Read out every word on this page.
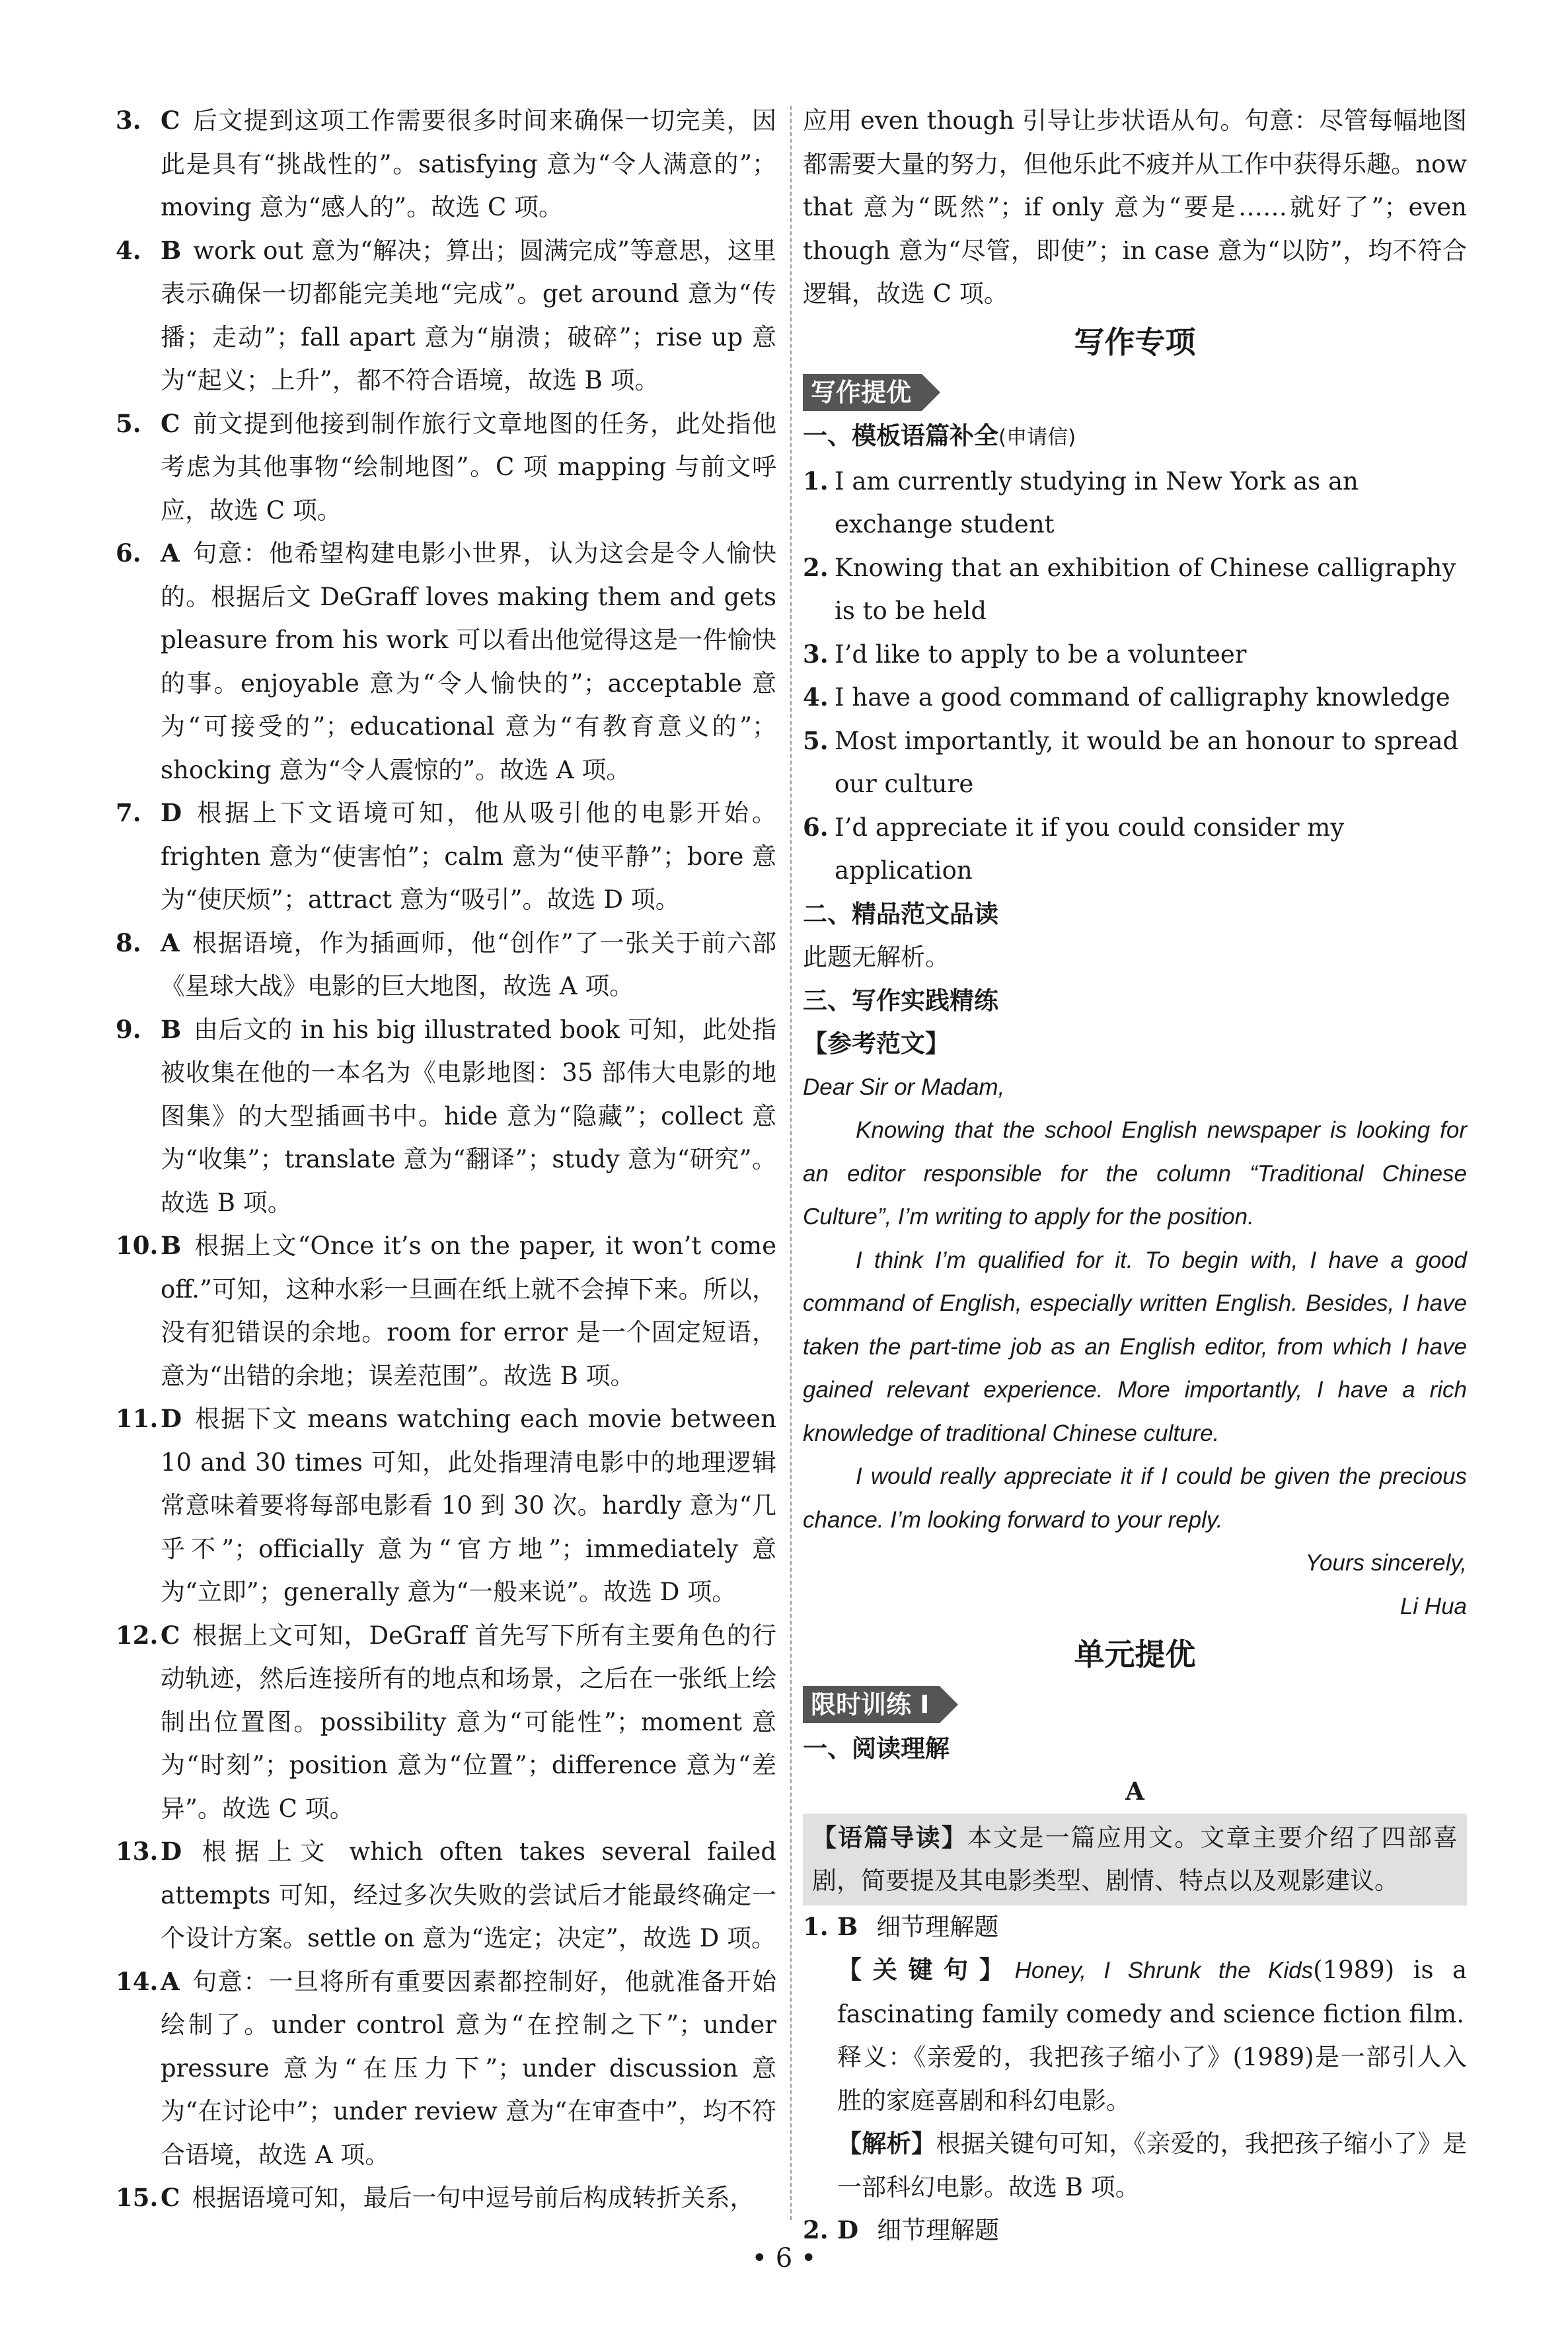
3. C 后文提到这项工作需要很多时间来确保一切完美，因此是具有“挑战性的”。satisfying 意为“令人满意的”；moving 意为“感人的”。故选 C 项。
4. B work out 意为“解决；算出；圆满完成”等意思，这里表示确保一切都能完美地“完成”。get around 意为“传播；走动”；fall apart 意为“崩溃；破碎”；rise up 意为“起义；上升”，都不符合语境，故选 B 项。
5. C 前文提到他接到制作旅行文章地图的任务，此处指他考虑为其他事物“绘制地图”。C 项 mapping 与前文呼应，故选 C 项。
6. A 句意：他希望构建电影小世界，认为这会是令人愉快的。根据后文 DeGraff loves making them and gets pleasure from his work 可以看出他觉得这是一件愉快的事。enjoyable 意为“令人愉快的”；acceptable 意为“可接受的”；educational 意为“有教育意义的”；shocking 意为“令人震惊的”。故选 A 项。
7. D 根据上下文语境可知，他从吸引他的电影开始。frighten 意为“使害怕”；calm 意为“使平静”；bore 意为“使厌烦”；attract 意为“吸引”。故选 D 项。
8. A 根据语境，作为插画师，他“创作”了一张关于前六部《星球大战》电影的巨大地图，故选 A 项。
9. B 由后文的 in his big illustrated book 可知，此处指被收集在他的一本名为《电影地图：35 部伟大电影的地图集》的大型插画书中。hide 意为“隐藏”；collect 意为“收集”；translate 意为“翻译”；study 意为“研究”。故选 B 项。
10. B 根据上文“Once it’s on the paper, it won’t come off.”可知，这种水彩一旦画在纸上就不会掉下来。所以，没有犯错误的余地。room for error 是一个固定短语，意为“出错的余地；误差范围”。故选 B 项。
11. D 根据下文 means watching each movie between 10 and 30 times 可知，此处指理清电影中的地理逻辑常意味着要将每部电影看 10 到 30 次。hardly 意为“几乎不”；officially 意为“官方地”；immediately 意为“立即”；generally 意为“一般来说”。故选 D 项。
12. C 根据上文可知，DeGraff 首先写下所有主要角色的行动轨迹，然后连接所有的地点和场景，之后在一张纸上绘制出位置图。possibility 意为“可能性”；moment 意为“时刻”；position 意为“位置”；difference 意为“差异”。故选 C 项。
13. D 根据上文 which often takes several failed attempts 可知，经过多次失败的尝试后才能最终确定一个设计方案。settle on 意为“选定；决定”，故选 D 项。
14. A 句意：一旦将所有重要因素都控制好，他就准备开始绘制了。under control 意为“在控制之下”；under pressure 意为“在压力下”；under discussion 意为“在讨论中”；under review 意为“在审查中”，均不符合语境，故选 A 项。
15. C 根据语境可知，最后一句中逗号前后构成转折关系，
应用 even though 引导让步状语从句。句意：尽管每幅地图都需要大量的努力，但他乐此不疲并从工作中获得乐趣。now that 意为“既然”；if only 意为“要是……就好了”；even though 意为“尽管，即使”；in case 意为“以防”，均不符合逻辑，故选 C 项。
写作专项
写作提优
一、模板语篇补全(申请信)
1. I am currently studying in New York as an exchange student
2. Knowing that an exhibition of Chinese calligraphy is to be held
3. I’d like to apply to be a volunteer
4. I have a good command of calligraphy knowledge
5. Most importantly, it would be an honour to spread our culture
6. I’d appreciate it if you could consider my application
二、精品范文品读
此题无解析。
三、写作实践精练
【参考范文】
Dear Sir or Madam,
Knowing that the school English newspaper is looking for an editor responsible for the column “Traditional Chinese Culture”, I’m writing to apply for the position.
I think I’m qualified for it. To begin with, I have a good command of English, especially written English. Besides, I have taken the part-time job as an English editor, from which I have gained relevant experience. More importantly, I have a rich knowledge of traditional Chinese culture.
I would really appreciate it if I could be given the precious chance. I’m looking forward to your reply.
Yours sincerely,
Li Hua
单元提优
限时训练 Ⅰ
一、阅读理解
A
【语篇导读】本文是一篇应用文。文章主要介绍了四部喜剧，简要提及其电影类型、剧情、特点以及观影建议。
1. B 细节理解题
【关键句】Honey, I Shrunk the Kids(1989) is a fascinating family comedy and science fiction film.
释义：《亲爱的，我把孩子缩小了》(1989)是一部引人入胜的家庭喜剧和科幻电影。
【解析】根据关键句可知，《亲爱的，我把孩子缩小了》是一部科幻电影。故选 B 项。
2. D 细节理解题
• 6 •
